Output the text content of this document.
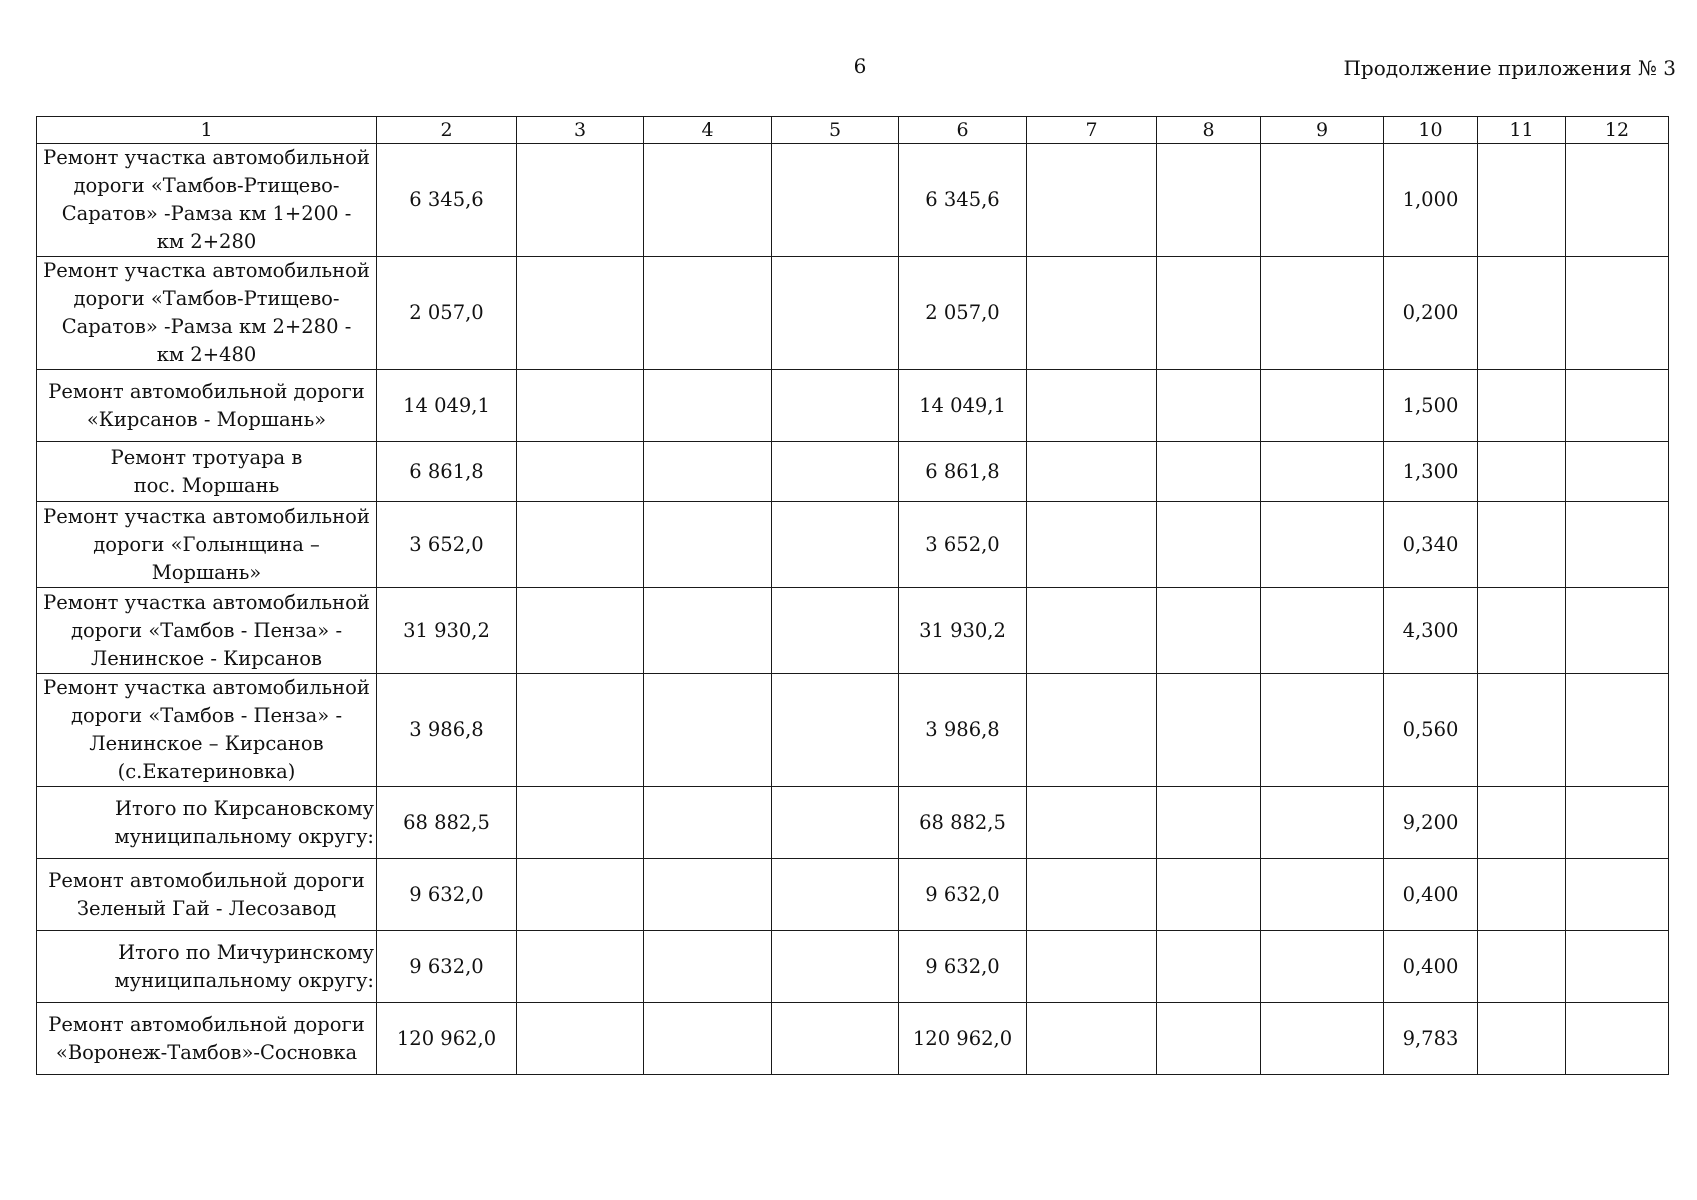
6	Продолжение приложения № 3
1	2	3	4	5	6	7	8	9	10	11	12

Ремонт участка автомобильной
дороги «Тамбов-Ртищево-
Саратов» -Рамза км 1+200 -
км 2+280	6 345,6				6 345,6				1,000		

Ремонт участка автомобильной
дороги «Тамбов-Ртищево-
Саратов» -Рамза км 2+280 -
км 2+480	2 057,0				2 057,0				0,200		

Ремонт автомобильной дороги
«Кирсанов - Моршань»	14 049,1				14 049,1				1,500		

Ремонт тротуара в
пос. Моршань	6 861,8				6 861,8				1,300		

Ремонт участка автомобильной
дороги «Голынщина – Моршань»	3 652,0				3 652,0				0,340		

Ремонт участка автомобильной
дороги «Тамбов - Пенза» -
Ленинское - Кирсанов	31 930,2				31 930,2				4,300		

Ремонт участка автомобильной
дороги «Тамбов - Пенза» -
Ленинское – Кирсанов
(с.Екатериновка)	3 986,8				3 986,8				0,560		

Итого по Кирсановскому
муниципальному округу:	68 882,5				68 882,5				9,200		

Ремонт автомобильной дороги
Зеленый Гай - Лесозавод	9 632,0				9 632,0				0,400		

Итого по Мичуринскому
муниципальному округу:	9 632,0				9 632,0				0,400		

Ремонт автомобильной дороги
«Воронеж-Тамбов»-Сосновка	120 962,0				120 962,0				9,783		
